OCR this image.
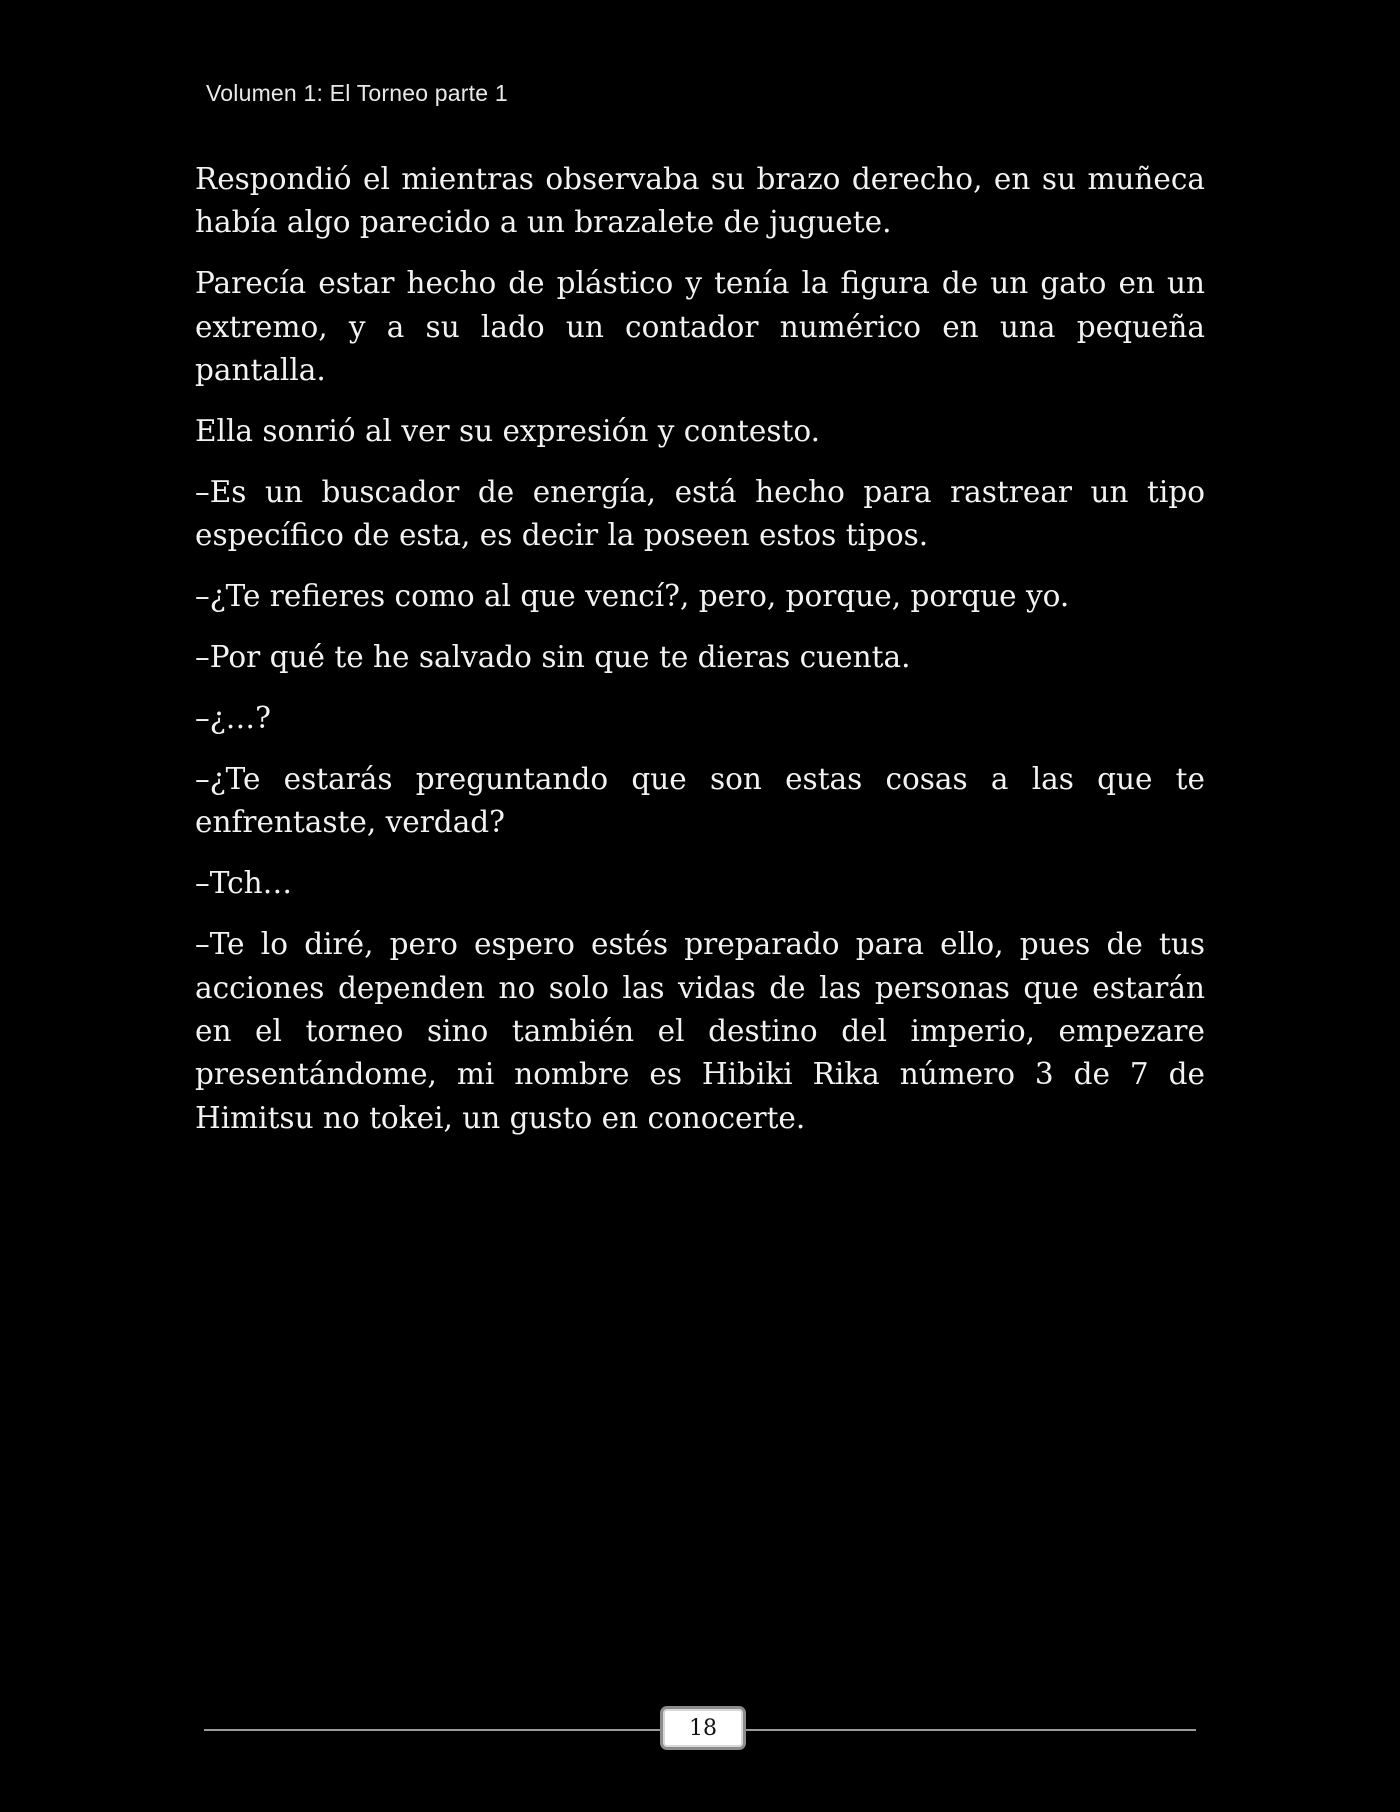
Volumen 1: El Torneo parte 1

Respondió el mientras observaba su brazo derecho, en su muñeca había algo parecido a un brazalete de juguete.

Parecía estar hecho de plástico y tenía la figura de un gato en un extremo, y a su lado un contador numérico en una pequeña pantalla.

Ella sonrió al ver su expresión y contesto.

–Es un buscador de energía, está hecho para rastrear un tipo específico de esta, es decir la poseen estos tipos.

–¿Te refieres como al que vencí?, pero, porque, porque yo.

–Por qué te he salvado sin que te dieras cuenta.

–¿…?

–¿Te estarás preguntando que son estas cosas a las que te enfrentaste, verdad?

–Tch…

–Te lo diré, pero espero estés preparado para ello, pues de tus acciones dependen no solo las vidas de las personas que estarán en el torneo sino también el destino del imperio, empezare presentándome, mi nombre es Hibiki Rika número 3 de 7 de Himitsu no tokei, un gusto en conocerte.

18
